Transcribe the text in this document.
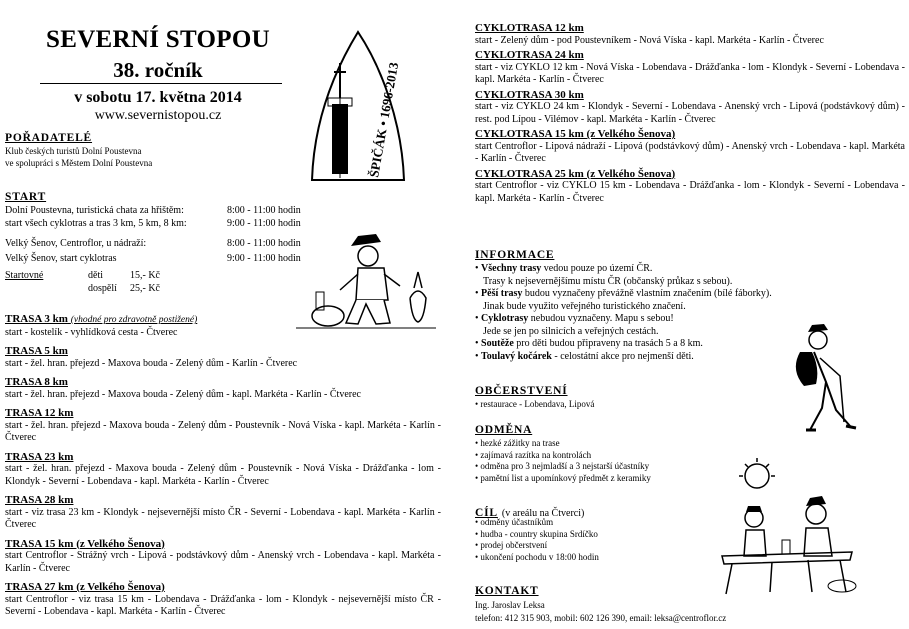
SEVERNÍ STOPOU
38. ročník
v sobotu 17. května 2014
www.severnistopou.cz	ŠPIČÁK • 1696-2013
POŘADATELÉ
Klub českých turistů Dolní Poustevna
ve spolupráci s Městem Dolní Poustevna
START
Dolní Poustevna, turistická chata za hřištěm:	8:00 - 11:00 hodin
start všech cyklotras a tras 3 km, 5 km, 8 km:	9:00 - 11:00 hodin
Velký Šenov, Centroflor, u nádraží:	8:00 - 11:00 hodin
Velký Šenov, start cyklotras	9:00 - 11:00 hodin
Startovné	děti	15,- Kč
dospělí	25,- Kč
TRASA 3 km (vhodné pro zdravotně postižené)
start - kostelík - vyhlídková cesta - Čtverec
TRASA 5 km
start - žel. hran. přejezd - Maxova bouda - Zelený dům - Karlín - Čtverec
TRASA 8 km
start - žel. hran. přejezd - Maxova bouda - Zelený dům - kapl. Markéta - Karlín - Čtverec
TRASA 12 km
start - žel. hran. přejezd - Maxova bouda - Zelený dům - Poustevník - Nová Víska - kapl. Markéta - Karlín - Čtverec
TRASA 23 km
start - žel. hran. přejezd - Maxova bouda - Zelený dům - Poustevník - Nová Víska - Drážďanka - lom - Klondyk - Severní - Lobendava - kapl. Markéta - Karlín - Čtverec
TRASA 28 km
start - viz trasa 23 km - Klondyk - nejsevernější místo ČR - Severní - Lobendava - kapl. Markéta - Karlín - Čtverec
TRASA 15 km (z Velkého Šenova)
start Centroflor - Strážný vrch - Lipová - podstávkový dům - Anenský vrch - Lobendava - kapl. Markéta - Karlín - Čtverec
TRASA 27 km (z Velkého Šenova)
start Centroflor - viz trasa 15 km - Lobendava - Drážďanka - lom - Klondyk - nejsevernější místo ČR - Severní - Lobendava - kapl. Markéta - Karlín - Čtverec
CYKLOTRASA 12 km
start - Zelený dům - pod Poustevníkem - Nová Víska - kapl. Markéta - Karlín - Čtverec
CYKLOTRASA 24 km
start - viz CYKLO 12 km - Nová Víska - Lobendava - Drážďanka - lom - Klondyk - Severní - Lobendava - kapl. Markéta - Karlín - Čtverec
CYKLOTRASA 30 km
start - viz CYKLO 24 km - Klondyk - Severní - Lobendava - Anenský vrch - Lipová (podstávkový dům) - rest. pod Lípou - Vilémov - kapl. Markéta - Karlín - Čtverec
CYKLOTRASA 15 km (z Velkého Šenova)
start Centroflor - Lipová nádraží - Lipová (podstávkový dům) - Anenský vrch - Lobendava - kapl. Markéta - Karlín - Čtverec
CYKLOTRASA 25 km (z Velkého Šenova)
start Centroflor - viz CYKLO 15 km - Lobendava - Drážďanka - lom - Klondyk - Severní - Lobendava - kapl. Markéta - Karlín - Čtverec
INFORMACE
• Všechny trasy vedou pouze po území ČR.
Trasy k nejsevernějšímu místu ČR (občanský průkaz s sebou).
• Pěší trasy budou vyznačeny převážně vlastním značením (bílé fáborky).
Jinak bude využito veřejného turistického značení.
• Cyklotrasy nebudou vyznačeny. Mapu s sebou!
Jede se jen po silnicích a veřejných cestách.
• Soutěže pro děti budou připraveny na trasách 5 a 8 km.
• Toulavý kočárek - celostátní akce pro nejmenší děti.
OBČERSTVENÍ
• restaurace - Lobendava, Lipová
ODMĚNA
• hezké zážitky na trase
• zajímavá razítka na kontrolách
• odměna pro 3 nejmladší a 3 nejstarší účastníky
• pamětní list a upomínkový předmět z keramiky
CÍL (v areálu na Čtverci)
• odměny účastníkům
• hudba - country skupina Srdíčko
• prodej občerstvení
• ukončení pochodu v 18:00 hodin
KONTAKT
Ing. Jaroslav Leksa
telefon: 412 315 903, mobil: 602 126 390, email: leksa@centroflor.cz
